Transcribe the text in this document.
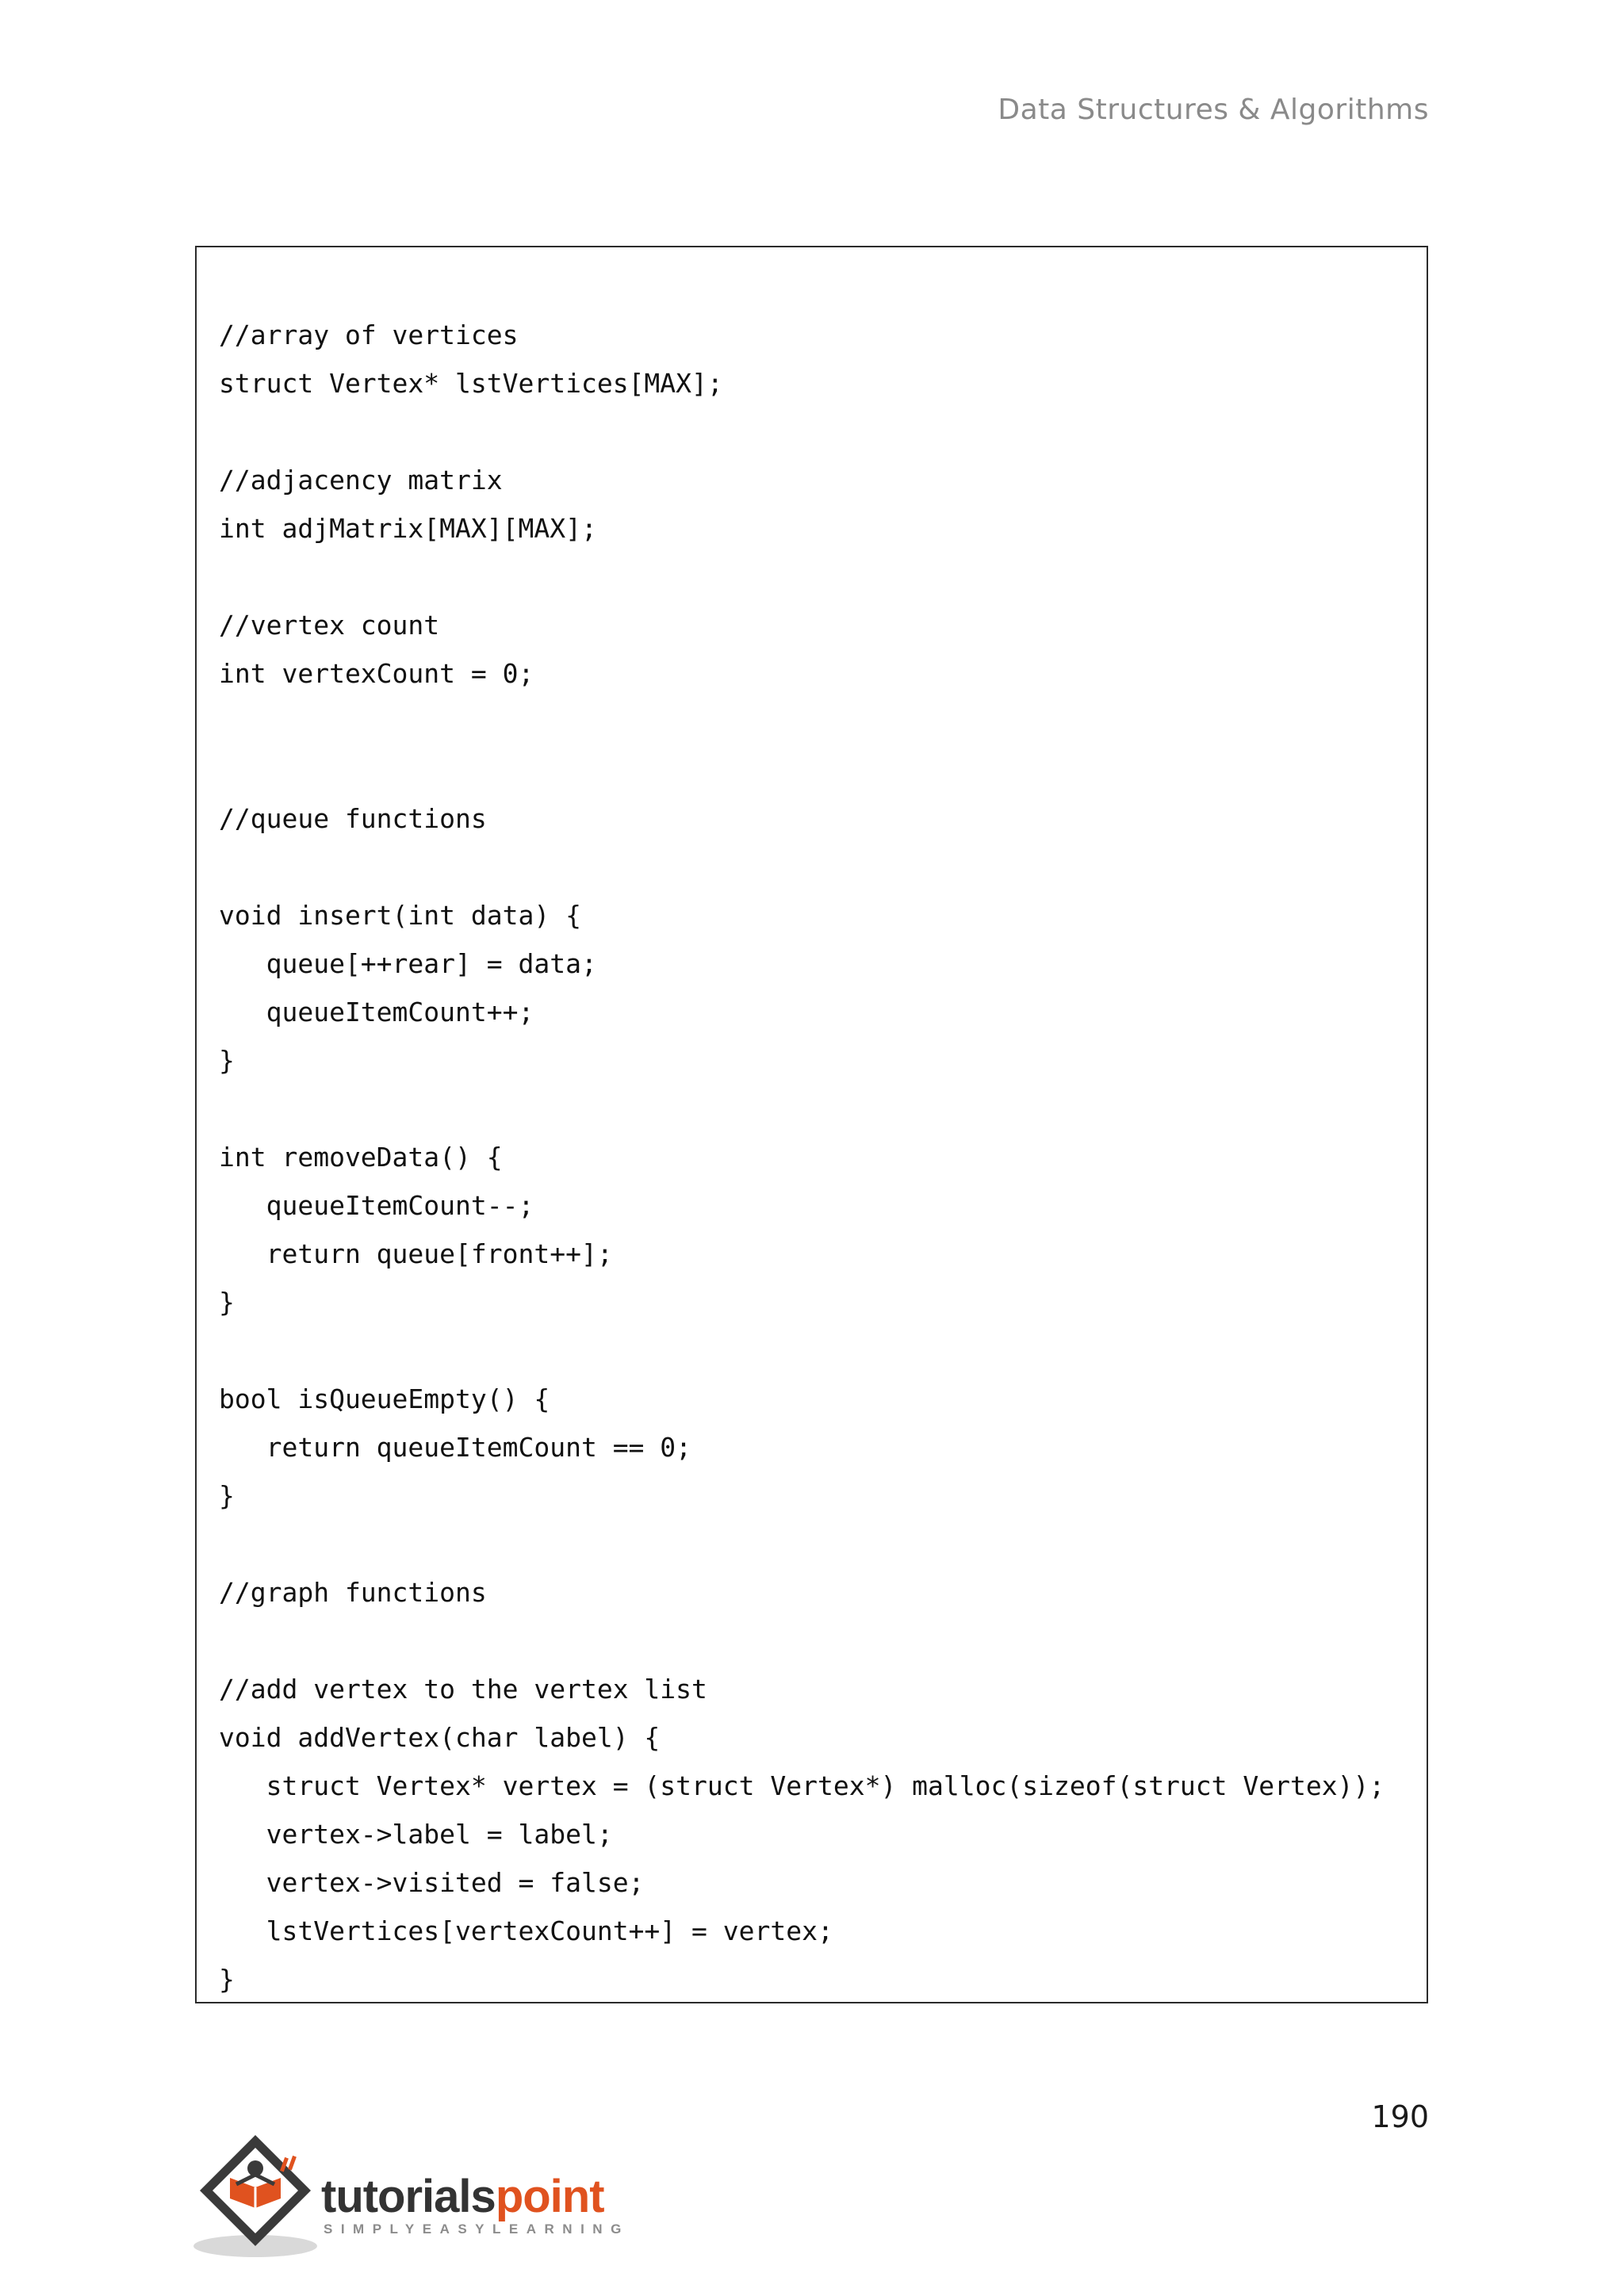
Data Structures & Algorithms
//array of vertices
struct Vertex* lstVertices[MAX];
//adjacency matrix
int adjMatrix[MAX][MAX];
//vertex count
int vertexCount = 0;
//queue functions
void insert(int data) {
queue[++rear] = data;
queueItemCount++;
}
int removeData() {
queueItemCount--;
return queue[front++];
}
bool isQueueEmpty() {
return queueItemCount == 0;
}
//graph functions
//add vertex to the vertex list
void addVertex(char label) {
struct Vertex* vertex = (struct Vertex*) malloc(sizeof(struct Vertex));
vertex->label = label;
vertex->visited = false;
lstVertices[vertexCount++] = vertex;
}
190
tutorialspoint
SIMPLYEASYLEARNING
